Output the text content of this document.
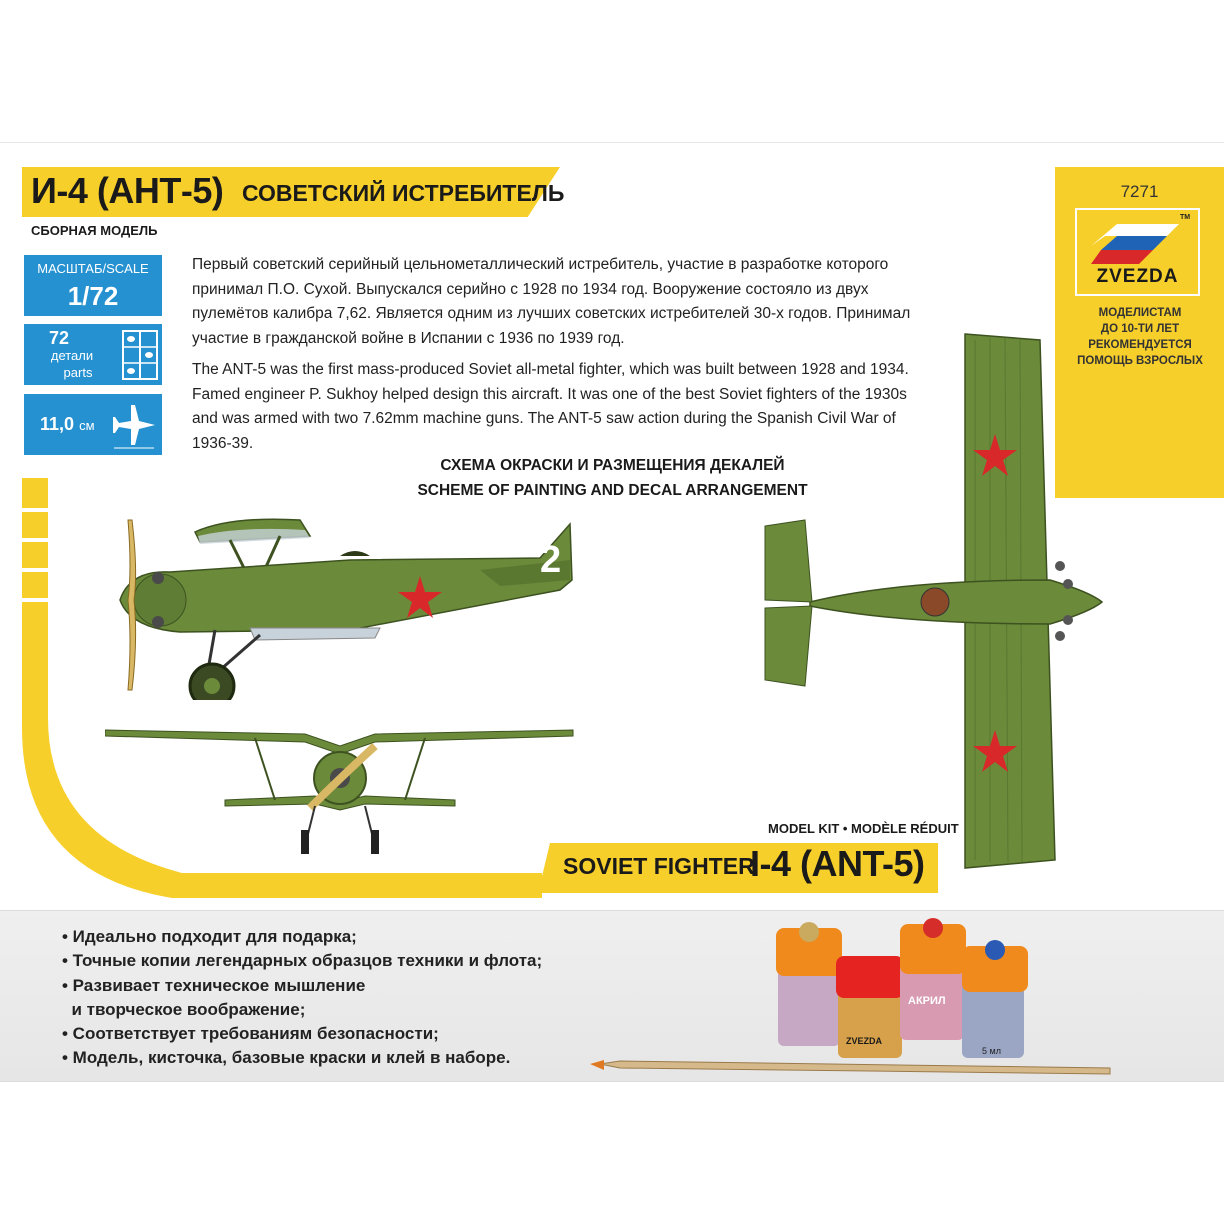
И-4 (АНТ-5) СОВЕТСКИЙ ИСТРЕБИТЕЛЬ
СБОРНАЯ МОДЕЛЬ
МАСШТАБ/SCALE
1/72
72
детали
parts
11,0 см
Первый советский серийный цельнометаллический истребитель, участие в разработке которого принимал П.О. Сухой. Выпускался серийно с 1928 по 1934 год. Вооружение состояло из двух пулемётов калибра 7,62. Является одним из лучших советских истребителей 30-х годов. Принимал участие в гражданской войне в Испании с 1936 по 1939 год.
The ANT-5 was the first mass-produced Soviet all-metal fighter, which was built between 1928 and 1934. Famed engineer P. Sukhoy helped design this aircraft. It was one of the best Soviet fighters of the 1930s and was armed with two 7.62mm machine guns. The ANT-5 saw action during the Spanish Civil War of 1936-39.
СХЕМА ОКРАСКИ И РАЗМЕЩЕНИЯ ДЕКАЛЕЙ
SCHEME OF PAINTING AND DECAL ARRANGEMENT
7271
TM
ZVEZDA
МОДЕЛИСТАМ
ДО 10-ТИ ЛЕТ
РЕКОМЕНДУЕТСЯ
ПОМОЩЬ ВЗРОСЛЫХ
2
MODEL KIT • MODÈLE RÉDUIT
SOVIET FIGHTER
I-4 (ANT-5)
• Идеально подходит для подарка;
• Точные копии легендарных образцов техники и флота;
• Развивает техническое мышление
и творческое воображение;
• Соответствует требованиям безопасности;
• Модель, кисточка, базовые краски и клей в наборе.
АКРИЛ
5 мл
ZVEZDA
